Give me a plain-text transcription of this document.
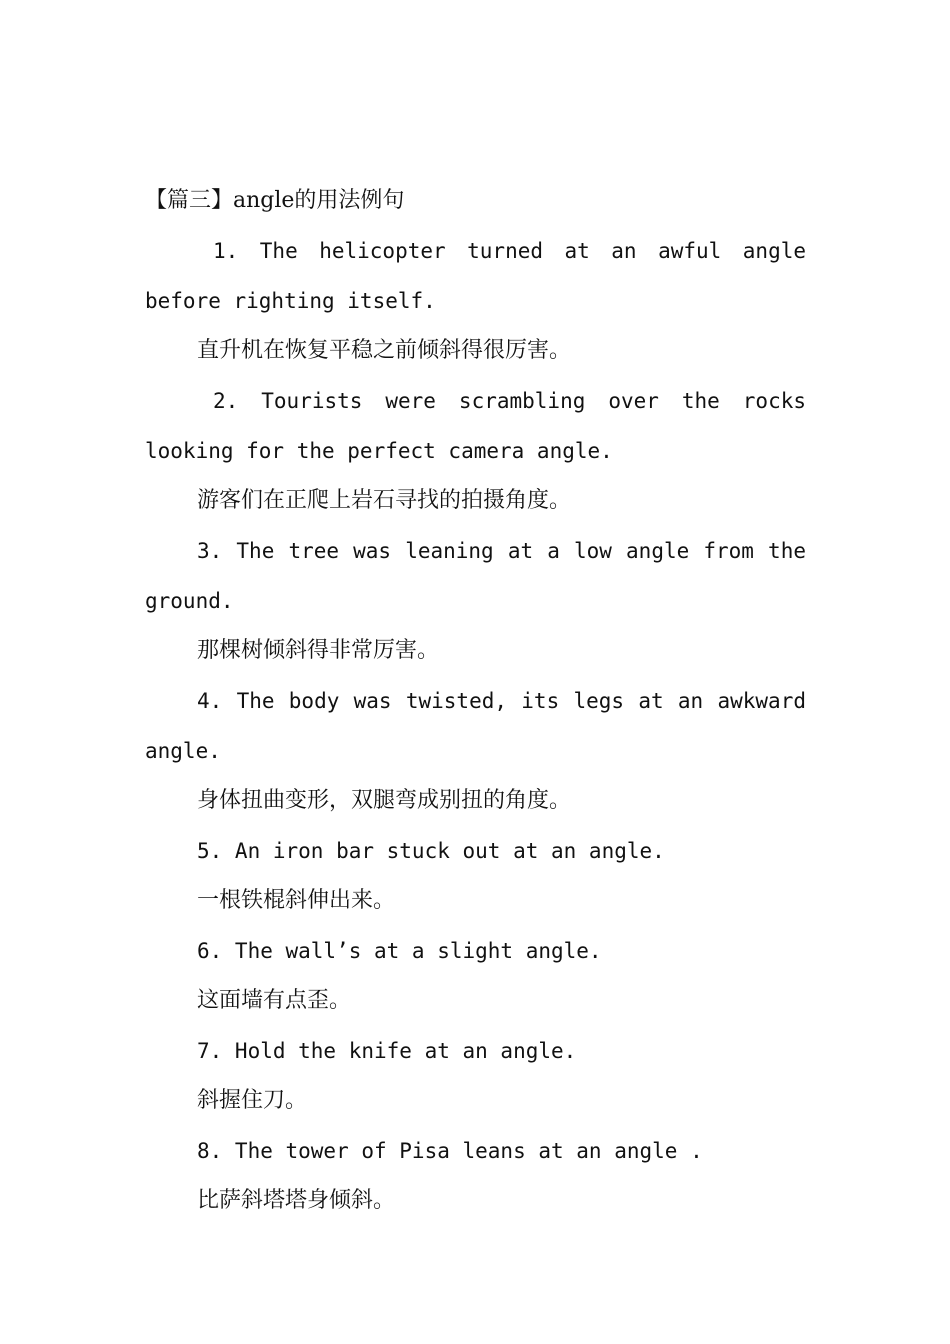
【篇三】angle的用法例句
1. The helicopter turned at an awful angle
before righting itself.
直升机在恢复平稳之前倾斜得很厉害。
2. Tourists were scrambling over the rocks
looking for the perfect camera angle.
游客们在正爬上岩石寻找的拍摄角度。
3. The tree was leaning at a low angle from the
ground.
那棵树倾斜得非常厉害。
4. The body was twisted, its legs at an awkward
angle.
身体扭曲变形，双腿弯成别扭的角度。
5. An iron bar stuck out at an angle.
一根铁棍斜伸出来。
6. The wall’s at a slight angle.
这面墙有点歪。
7. Hold the knife at an angle.
斜握住刀。
8. The tower of Pisa leans at an angle .
比萨斜塔塔身倾斜。
